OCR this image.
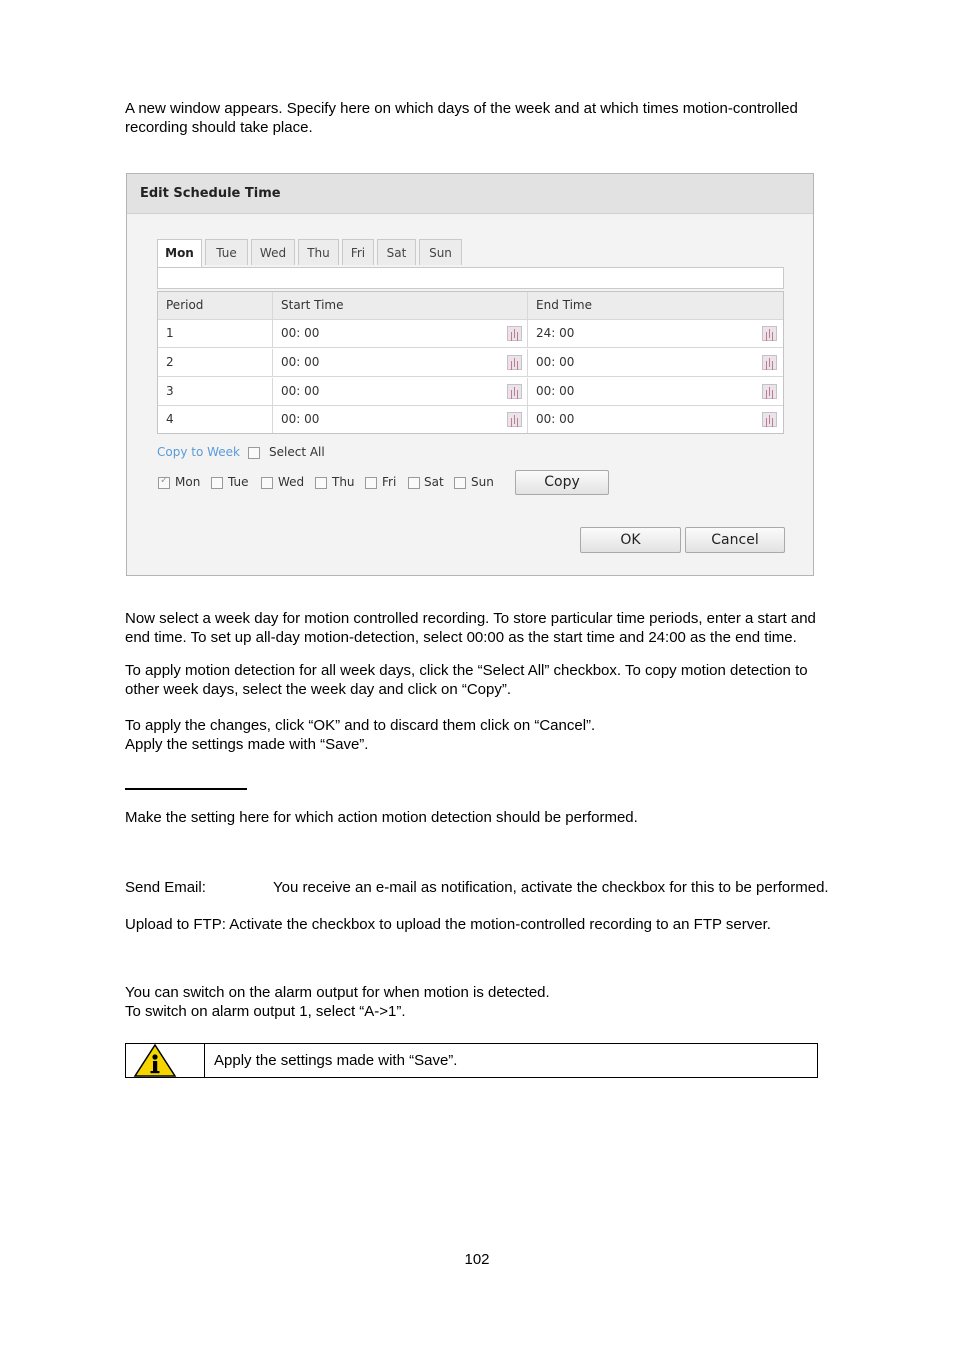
A new window appears. Specify here on which days of the week and at which times motion-controlled
recording should take place.

Edit Schedule Time
Mon	Tue	Wed	Thu	Fri	Sat	Sun
Period	Start Time	End Time
1	00: 00	24: 00
2	00: 00	00: 00
3	00: 00	00: 00
4	00: 00	00: 00
Copy to Week Select All
✓
Mon Tue Wed Thu Fri Sat Sun	Copy
OK	Cancel

Now select a week day for motion controlled recording. To store particular time periods, enter a start and
end time. To set up all-day motion-detection, select 00:00 as the start time and 24:00 as the end time.

To apply motion detection for all week days, click the “Select All” checkbox. To copy motion detection to
other week days, select the week day and click on “Copy”.

To apply the changes, click “OK” and to discard them click on “Cancel”.
Apply the settings made with “Save”.

Make the setting here for which action motion detection should be performed.

Send Email:	You receive an e-mail as notification, activate the checkbox for this to be performed.

Upload to FTP: Activate the checkbox to upload the motion-controlled recording to an FTP server.

You can switch on the alarm output for when motion is detected.
To switch on alarm output 1, select “A->1”.

Apply the settings made with “Save”.
102
